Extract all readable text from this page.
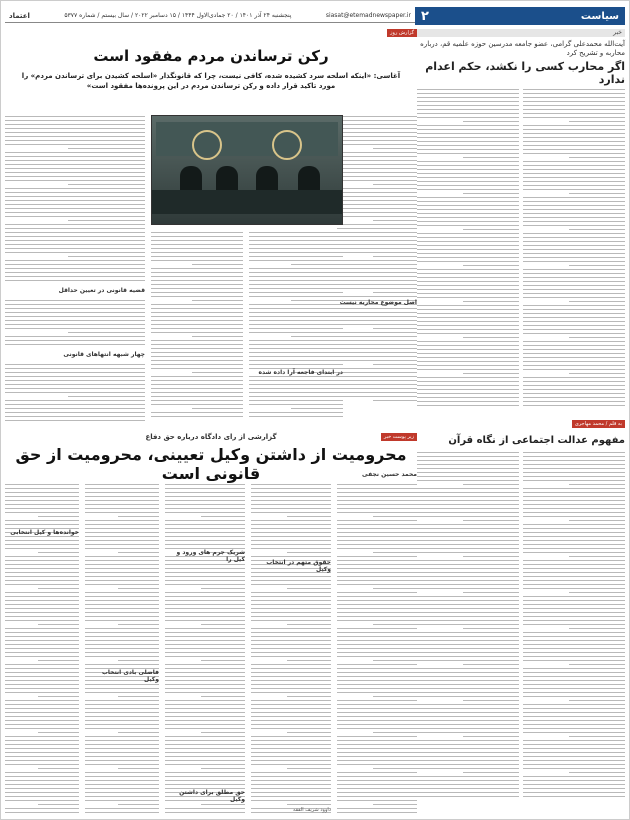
اعتماد	پنجشنبه ۲۴ آذر ۱۴۰۱ / ۲۰ جمادی‌الاول ۱۴۴۴ / ۱۵ دسامبر ۲۰۲۲ / سال بیستم / شماره ۵۳۷۷	siasat@etemadnewspaper.ir ۲	سیاست
خبر
آیت‌الله محمدعلی گرامی، عضو جامعه مدرسین حوزه علمیه قم، درباره محاربه و تشریح کرد
اگر محارب کسی را نکشد، حکم اعدام ندارد
به قلم / محمد مهاجری
مفهوم عدالت اجتماعی از نگاه قرآن
گزارش روز
رکن ترساندن مردم مفقود است
آغاسی: «اینکه اسلحه سرد کشیده شده، کافی نیست، چرا که قانونگذار «اسلحه کشیدن برای ترساندن مردم» را مورد تاکید قرار داده و رکن ترساندن مردم در این پرونده‌ها مفقود است»
قضیه قانونی در تعیین حداقل
چهار شبهه انتهاهای قانونی
اصل موضوع محاربه نیست
در ابتدای فاجعه آرا داده شده
زیر پوست خبر
گزارشی از رای دادگاه درباره حق دفاع
محرومیت از داشتن وکیل تعیینی، محرومیت از حق قانونی است	محمد حسین نجفی
حقوق متهم در انتخاب وکیل
شریک جرم های ورود و کیل را
خوانده‌ها و کیل انتخابی
فاضلی بادی انتخاب وکیل
حق مطلق برای داشتن وکیل
داوود شریف الفقه
